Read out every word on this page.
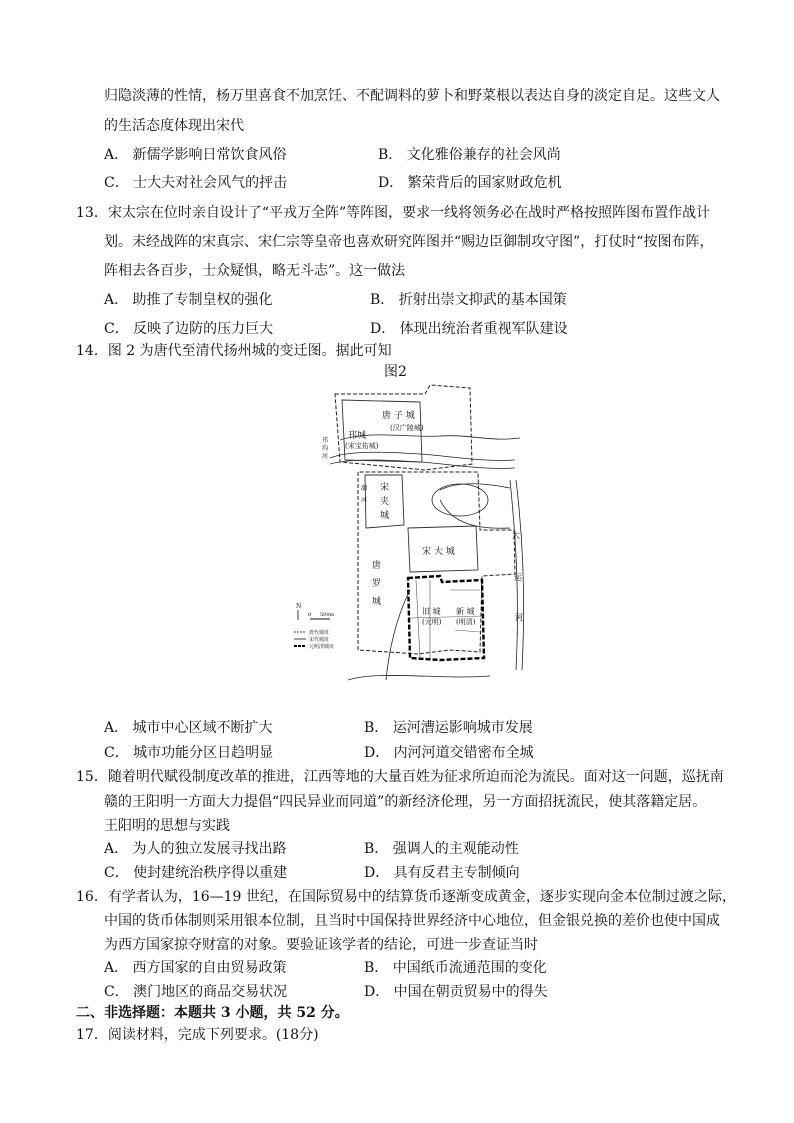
归隐淡薄的性情，杨万里喜食不加烹饪、不配调料的萝卜和野菜根以表达自身的淡定自足。这些文人
的生活态度体现出宋代
A． 新儒学影响日常饮食风俗	B． 文化雅俗兼存的社会风尚
C． 士大夫对社会风气的抨击	D． 繁荣背后的国家财政危机
13．宋太宗在位时亲自设计了“平戎万全阵”等阵图，要求一线将领务必在战时严格按照阵图布置作战计
划。未经战阵的宋真宗、宋仁宗等皇帝也喜欢研究阵图并“赐边臣御制攻守图”，打仗时“按图布阵，
阵相去各百步，士众疑惧，略无斗志”。这一做法
A． 助推了专制皇权的强化	B． 折射出崇文抑武的基本国策
C． 反映了边防的压力巨大	D． 体现出统治者重视军队建设
14．图 2 为唐代至清代扬州城的变迁图。据此可知
图2
唐 子 城
(汉广陵城)
邗城
(宋宝佑城)
宋
夹
城
宋 大 城
唐
罗
城
旧 城
(元明)
新 城
(明清)
大
运
河
邗
沟
河
潮
河
N
0 500m
唐代城址
宋代城址
元明清城址
A． 城市中心区域不断扩大	B． 运河漕运影响城市发展
C． 城市功能分区日趋明显	D． 内河河道交错密布全城
15．随着明代赋役制度改革的推进，江西等地的大量百姓为征求所迫而沦为流民。面对这一问题，巡抚南
赣的王阳明一方面大力提倡“四民异业而同道”的新经济伦理，另一方面招抚流民，使其落籍定居。
王阳明的思想与实践
A． 为人的独立发展寻找出路	B． 强调人的主观能动性
C． 使封建统治秩序得以重建	D． 具有反君主专制倾向
16．有学者认为，16—19 世纪，在国际贸易中的结算货币逐渐变成黄金，逐步实现向金本位制过渡之际，
中国的货币体制则采用银本位制，且当时中国保持世界经济中心地位，但金银兑换的差价也使中国成
为西方国家掠夺财富的对象。要验证该学者的结论，可进一步查证当时
A． 西方国家的自由贸易政策	B． 中国纸币流通范围的变化
C． 澳门地区的商品交易状况	D． 中国在朝贡贸易中的得失
二、非选择题：本题共 3 小题，共 52 分。
17．阅读材料，完成下列要求。(18分)
